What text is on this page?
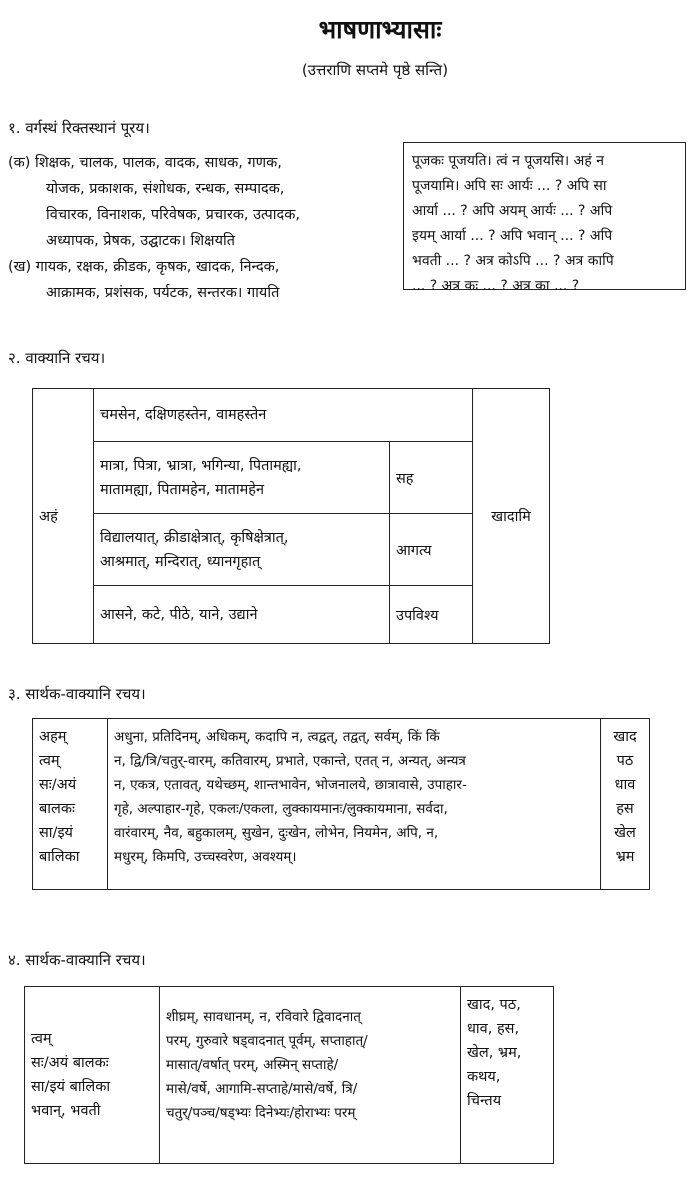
भाषणाभ्यासाः
(उत्तराणि सप्तमे पृष्ठे सन्ति)
१. वर्गस्थं रिक्तस्थानं पूरय।
(क) शिक्षक, चालक, पालक, वादक, साधक, गणक,
योजक, प्रकाशक, संशोधक, रन्धक, सम्पादक,
विचारक, विनाशक, परिवेषक, प्रचारक, उत्पादक,
अध्यापक, प्रेषक, उद्घाटक। शिक्षयति
(ख) गायक, रक्षक, क्रीडक, कृषक, खादक, निन्दक,
आक्रामक, प्रशंसक, पर्यटक, सन्तरक। गायति
पूजकः पूजयति। त्वं न पूजयसि। अहं न
पूजयामि। अपि सः आर्यः ... ? अपि सा
आर्या ... ? अपि अयम् आर्यः ... ? अपि
इयम् आर्या ... ? अपि भवान् ... ? अपि
भवती ... ? अत्र कोऽपि ... ? अत्र कापि
... ? अत्र कः ... ? अत्र का ... ?
२. वाक्यानि रचय।
अहं	चमसेन, दक्षिणहस्तेन, वामहस्तेन		खादामि

	मात्रा, पित्रा, भ्रात्रा, भगिन्या, पितामह्या,
मातामह्या, पितामहेन, मातामहेन	सह	

	विद्यालयात्, क्रीडाक्षेत्रात्, कृषिक्षेत्रात्,
आश्रमात्, मन्दिरात्, ध्यानगृहात्	आगत्य	

	आसने, कटे, पीठे, याने, उद्याने	उपविश्य	
३. सार्थक-वाक्यानि रचय।
अहम्
त्वम्
सः/अयं
बालकः
सा/इयं
बालिका

अधुना, प्रतिदिनम्, अधिकम्, कदापि न, त्वद्वत्, तद्वत्, सर्वम्, किं किं
न, द्वि/त्रि/चतुर्-वारम्, कतिवारम्, प्रभाते, एकान्ते, एतत् न, अन्यत्, अन्यत्र
न, एकत्र, एतावत्, यथेच्छम्, शान्तभावेन, भोजनालये, छात्रावासे, उपाहार-
गृहे, अल्पाहार-गृहे, एकलः/एकला, लुक्कायमानः/लुक्कायमाना, सर्वदा,
वारंवारम्, नैव, बहुकालम्, सुखेन, दुःखेन, लोभेन, नियमेन, अपि, न,
मधुरम्, किमपि, उच्चस्वरेण, अवश्यम्।

खाद
पठ
धाव
हस
खेल
भ्रम
४. सार्थक-वाक्यानि रचय।
त्वम्
सः/अयं बालकः
सा/इयं बालिका
भवान्, भवती

शीघ्रम्, सावधानम्, न, रविवारे द्विवादनात्
परम्, गुरुवारे षड्वादनात् पूर्वम्, सप्ताहात्/
मासात्/वर्षात् परम्, अस्मिन् सप्ताहे/
मासे/वर्षे, आगामि-सप्ताहे/मासे/वर्षे, त्रि/
चतुर्/पञ्च/षड्भ्यः दिनेभ्यः/होराभ्यः परम्

खाद, पठ,
धाव, हस,
खेल, भ्रम,
कथय,
चिन्तय
